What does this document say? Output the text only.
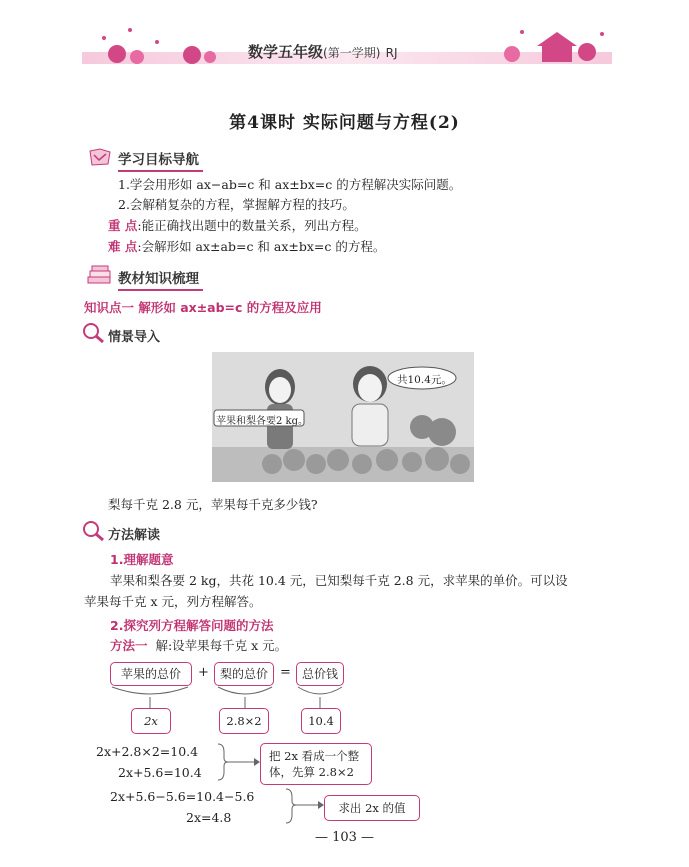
数学五年级(第一学期) RJ
第4课时 实际问题与方程(2)
学习目标导航
1.学会用形如 ax−ab=c 和 ax±bx=c 的方程解决实际问题。
2.会解稍复杂的方程，掌握解方程的技巧。
重 点:能正确找出题中的数量关系，列出方程。
难 点:会解形如 ax±ab=c 和 ax±bx=c 的方程。
教材知识梳理
知识点一 解形如 ax±ab=c 的方程及应用
情景导入
苹果和梨各要2 kg。
共10.4元。
梨每千克 2.8 元，苹果每千克多少钱?
方法解读
1.理解题意
苹果和梨各要 2 kg，共花 10.4 元，已知梨每千克 2.8 元，求苹果的单价。可以设
苹果每千克 x 元，列方程解答。
2.探究列方程解答问题的方法
方法一 解:设苹果每千克 x 元。
苹果的总价	+ 梨的总价 = 总价钱
2x	2.8×2	10.4
2x+2.8×2=10.4
2x+5.6=10.4
把 2x 看成一个整
体，先算 2.8×2
2x+5.6−5.6=10.4−5.6
2x=4.8
求出 2x 的值
— 103 —
